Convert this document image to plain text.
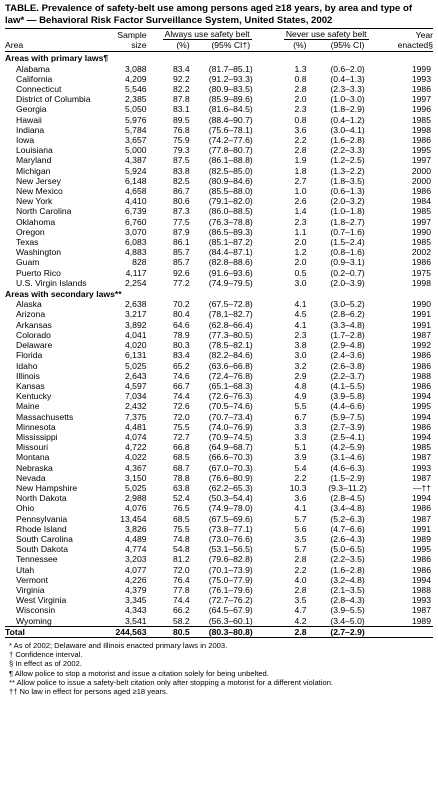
TABLE. Prevalence of safety-belt use among persons aged ≥18 years, by area and type of law* — Behavioral Risk Factor Surveillance System, United States, 2002
	Sample	Always use safety belt		Never use safety belt		Year
Area	size	(%)	(95% CI†)	(%)	(95% CI)	enacted§
Areas with primary laws¶						
Alabama	3,088	83.4	(81.7–85.1)	1.3	(0.6–2.0)	1999
California	4,209	92.2	(91.2–93.3)	0.8	(0.4–1.3)	1993
Connecticut	5,546	82.2	(80.9–83.5)	2.8	(2.3–3.3)	1986
District of Columbia	2,385	87.8	(85.9–89.6)	2.0	(1.0–3.0)	1997
Georgia	5,050	83.1	(81.6–84.5)	2.3	(1.8–2.9)	1996
Hawaii	5,976	89.5	(88.4–90.7)	0.8	(0.4–1.2)	1985
Indiana	5,784	76.8	(75.6–78.1)	3.6	(3.0–4.1)	1998
Iowa	3,657	75.9	(74.2–77.6)	2.2	(1.6–2.8)	1986
Louisiana	5,000	79.3	(77.8–80.7)	2.8	(2.2–3.3)	1995
Maryland	4,387	87.5	(86.1–88.8)	1.9	(1.2–2.5)	1997
Michigan	5,924	83.8	(82.5–85.0)	1.8	(1.3–2.2)	2000
New Jersey	6,148	82.5	(80.9–84.6)	2.7	(1.8–3.5)	2000
New Mexico	4,658	86.7	(85.5–88.0)	1.0	(0.6–1.3)	1986
New York	4,410	80.6	(79.1–82.0)	2.6	(2.0–3.2)	1984
North Carolina	6,739	87.3	(86.0–88.5)	1.4	(1.0–1.8)	1985
Oklahoma	6,760	77.5	(76.3–78.8)	2.3	(1.8–2.7)	1997
Oregon	3,070	87.9	(86.5–89.3)	1.1	(0.7–1.6)	1990
Texas	6,083	86.1	(85.1–87.2)	2.0	(1.5–2.4)	1985
Washington	4,883	85.7	(84.4–87.1)	1.2	(0.8–1.6)	2002
Guam	828	85.7	(82.8–88.6)	2.0	(0.9–3.1)	1986
Puerto Rico	4,117	92.6	(91.6–93.6)	0.5	(0.2–0.7)	1975
U.S. Virgin Islands	2,254	77.2	(74.9–79.5)	3.0	(2.0–3.9)	1998
Areas with secondary laws**						
Alaska	2,638	70.2	(67.5–72.8)	4.1	(3.0–5.2)	1990
Arizona	3,217	80.4	(78.1–82.7)	4.5	(2.8–6.2)	1991
Arkansas	3,892	64.6	(62.8–66.4)	4.1	(3.3–4.8)	1991
Colorado	4,041	78.9	(77.3–80.5)	2.3	(1.7–2.8)	1987
Delaware	4,020	80.3	(78.5–82.1)	3.8	(2.9–4.8)	1992
Florida	6,131	83.4	(82.2–84.6)	3.0	(2.4–3.6)	1986
Idaho	5,025	65.2	(63.6–66.8)	3.2	(2.6–3.8)	1986
Illinois	2,643	74.6	(72.4–76.8)	2.9	(2.2–3.7)	1988
Kansas	4,597	66.7	(65.1–68.3)	4.8	(4.1–5.5)	1986
Kentucky	7,034	74.4	(72.6–76.3)	4.9	(3.9–5.8)	1994
Maine	2,432	72.6	(70.5–74.6)	5.5	(4.4–6.6)	1995
Massachusetts	7,375	72.0	(70.7–73.4)	6.7	(5.9–7.5)	1994
Minnesota	4,481	75.5	(74.0–76.9)	3.3	(2.7–3.9)	1986
Mississippi	4,074	72.7	(70.9–74.5)	3.3	(2.5–4.1)	1994
Missouri	4,722	66.8	(64.9–68.7)	5.1	(4.2–5.9)	1985
Montana	4,022	68.5	(66.6–70.3)	3.9	(3.1–4.6)	1987
Nebraska	4,367	68.7	(67.0–70.3)	5.4	(4.6–6.3)	1993
Nevada	3,150	78.8	(76.6–80.9)	2.2	(1.5–2.9)	1987
New Hampshire	5,025	63.8	(62.2–65.3)	10.3	(9.3–11.2)	—††
North Dakota	2,988	52.4	(50.3–54.4)	3.6	(2.8–4.5)	1994
Ohio	4,076	76.5	(74.9–78.0)	4.1	(3.4–4.8)	1986
Pennsylvania	13,454	68.5	(67.5–69.6)	5.7	(5.2–6.3)	1987
Rhode Island	3,826	75.5	(73.8–77.1)	5.6	(4.7–6.6)	1991
South Carolina	4,489	74.8	(73.0–76.6)	3.5	(2.6–4.3)	1989
South Dakota	4,774	54.8	(53.1–56.5)	5.7	(5.0–6.5)	1995
Tennessee	3,203	81.2	(79.6–82.8)	2.8	(2.2–3.5)	1986
Utah	4,077	72.0	(70.1–73.9)	2.2	(1.6–2.8)	1986
Vermont	4,226	76.4	(75.0–77.9)	4.0	(3.2–4.8)	1994
Virginia	4,379	77.8	(76.1–79.6)	2.8	(2.1–3.5)	1988
West Virginia	3,345	74.4	(72.7–76.2)	3.5	(2.8–4.3)	1993
Wisconsin	4,343	66.2	(64.5–67.9)	4.7	(3.9–5.5)	1987
Wyoming	3,541	58.2	(56.3–60.1)	4.2	(3.4–5.0)	1989
Total	244,563	80.5	(80.3–80.8)	2.8	(2.7–2.9)	
* As of 2002; Delaware and Illinois enacted primary laws in 2003.
† Confidence interval.
§ In effect as of 2002.
¶ Allow police to stop a motorist and issue a citation solely for being unbelted.
** Allow police to issue a safety-belt citation only after stopping a motorist for a different violation.
†† No law in effect for persons aged ≥18 years.
